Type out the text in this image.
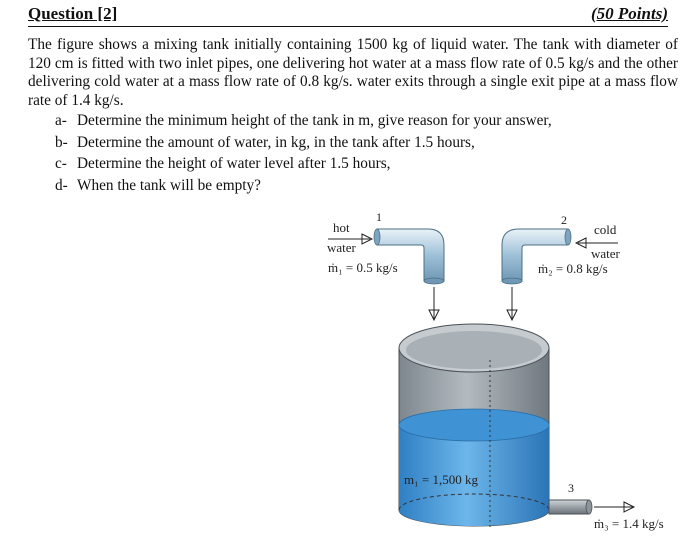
Question [2]	(50 Points)

The figure shows a mixing tank initially containing 1500 kg of liquid water. The tank with diameter of 120 cm is fitted with two inlet pipes, one delivering hot water at a mass flow rate of 0.5 kg/s and the other delivering cold water at a mass flow rate of 0.8 kg/s. water exits through a single exit pipe at a mass flow rate of 1.4 kg/s.

a- Determine the minimum height of the tank in m, give reason for your answer,
b- Determine the amount of water, in kg, in the tank after 1.5 hours,
c- Determine the height of water level after 1.5 hours,
d- When the tank will be empty?
hot
water
1
ṁ₁ = 0.5 kg/s
cold
water
2
ṁ₂ = 0.8 kg/s
m₁ = 1,500 kg
3
ṁ₃ = 1.4 kg/s
